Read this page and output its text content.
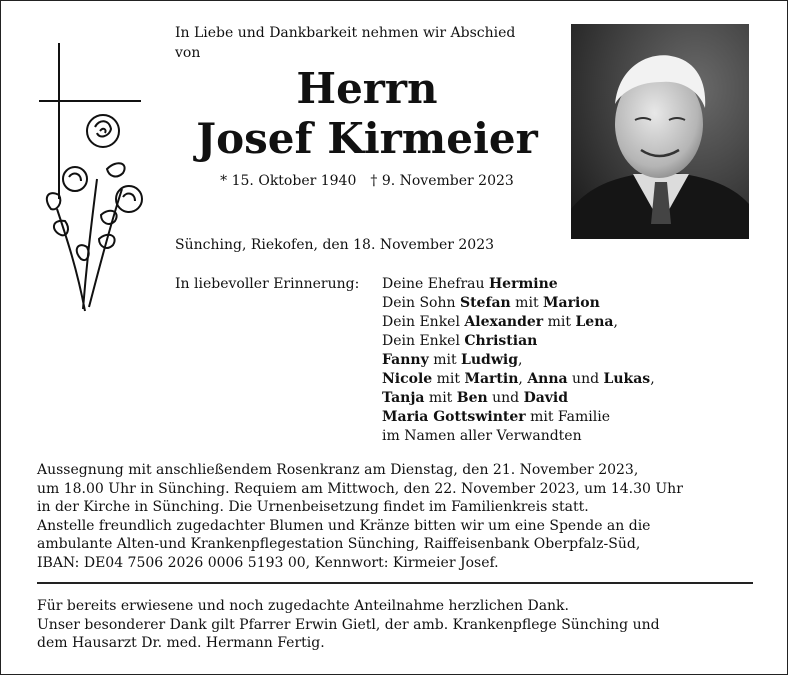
In Liebe und Dankbarkeit nehmen wir Abschied
von
Herrn
Josef Kirmeier
* 15. Oktober 1940 † 9. November 2023
Sünching, Riekofen, den 18. November 2023
In liebevoller Erinnerung: Deine Ehefrau Hermine
Dein Sohn Stefan mit Marion
Dein Enkel Alexander mit Lena,
Dein Enkel Christian
Fanny mit Ludwig,
Nicole mit Martin, Anna und Lukas,
Tanja mit Ben und David
Maria Gottswinter mit Familie
im Namen aller Verwandten
Aussegnung mit anschließendem Rosenkranz am Dienstag, den 21. November 2023,
um 18.00 Uhr in Sünching. Requiem am Mittwoch, den 22. November 2023, um 14.30 Uhr
in der Kirche in Sünching. Die Urnenbeisetzung findet im Familienkreis statt.
Anstelle freundlich zugedachter Blumen und Kränze bitten wir um eine Spende an die
ambulante Alten-und Krankenpflegestation Sünching, Raiffeisenbank Oberpfalz-Süd,
IBAN: DE04 7506 2026 0006 5193 00, Kennwort: Kirmeier Josef.
Für bereits erwiesene und noch zugedachte Anteilnahme herzlichen Dank.
Unser besonderer Dank gilt Pfarrer Erwin Gietl, der amb. Krankenpflege Sünching und
dem Hausarzt Dr. med. Hermann Fertig.
